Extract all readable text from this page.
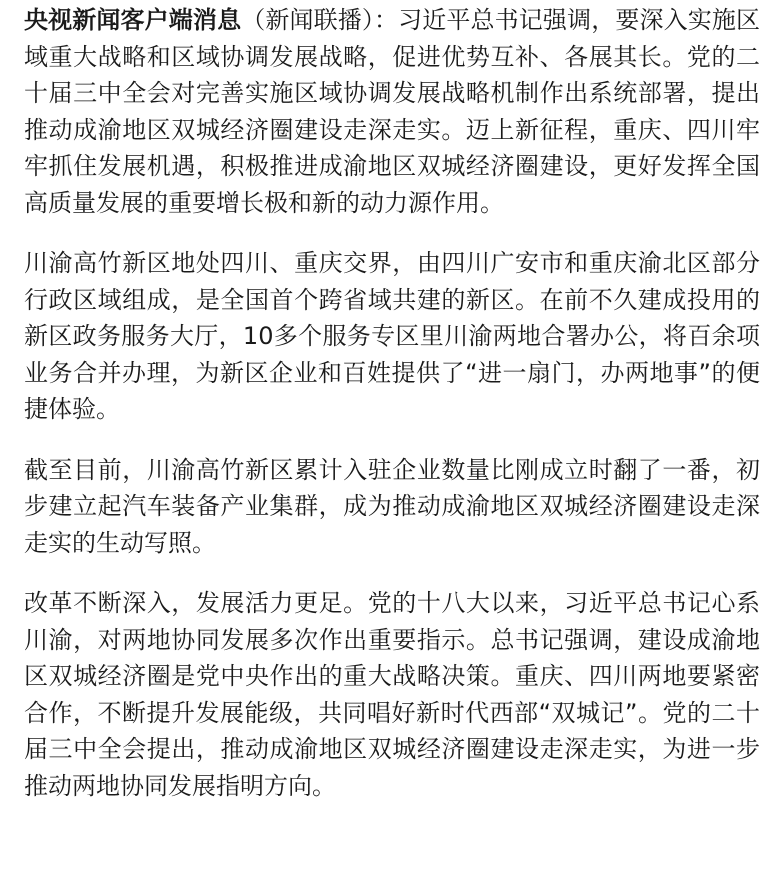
央视新闻客户端消息（新闻联播）：习近平总书记强调，要深入实施区域重大战略和区域协调发展战略，促进优势互补、各展其长。党的二十届三中全会对完善实施区域协调发展战略机制作出系统部署，提出推动成渝地区双城经济圈建设走深走实。迈上新征程，重庆、四川牢牢抓住发展机遇，积极推进成渝地区双城经济圈建设，更好发挥全国高质量发展的重要增长极和新的动力源作用。

川渝高竹新区地处四川、重庆交界，由四川广安市和重庆渝北区部分行政区域组成，是全国首个跨省域共建的新区。在前不久建成投用的新区政务服务大厅，10多个服务专区里川渝两地合署办公，将百余项业务合并办理，为新区企业和百姓提供了“进一扇门，办两地事”的便捷体验。

截至目前，川渝高竹新区累计入驻企业数量比刚成立时翻了一番，初步建立起汽车装备产业集群，成为推动成渝地区双城经济圈建设走深走实的生动写照。

改革不断深入，发展活力更足。党的十八大以来，习近平总书记心系川渝，对两地协同发展多次作出重要指示。总书记强调，建设成渝地区双城经济圈是党中央作出的重大战略决策。重庆、四川两地要紧密合作，不断提升发展能级，共同唱好新时代西部“双城记”。党的二十届三中全会提出，推动成渝地区双城经济圈建设走深走实，为进一步推动两地协同发展指明方向。
